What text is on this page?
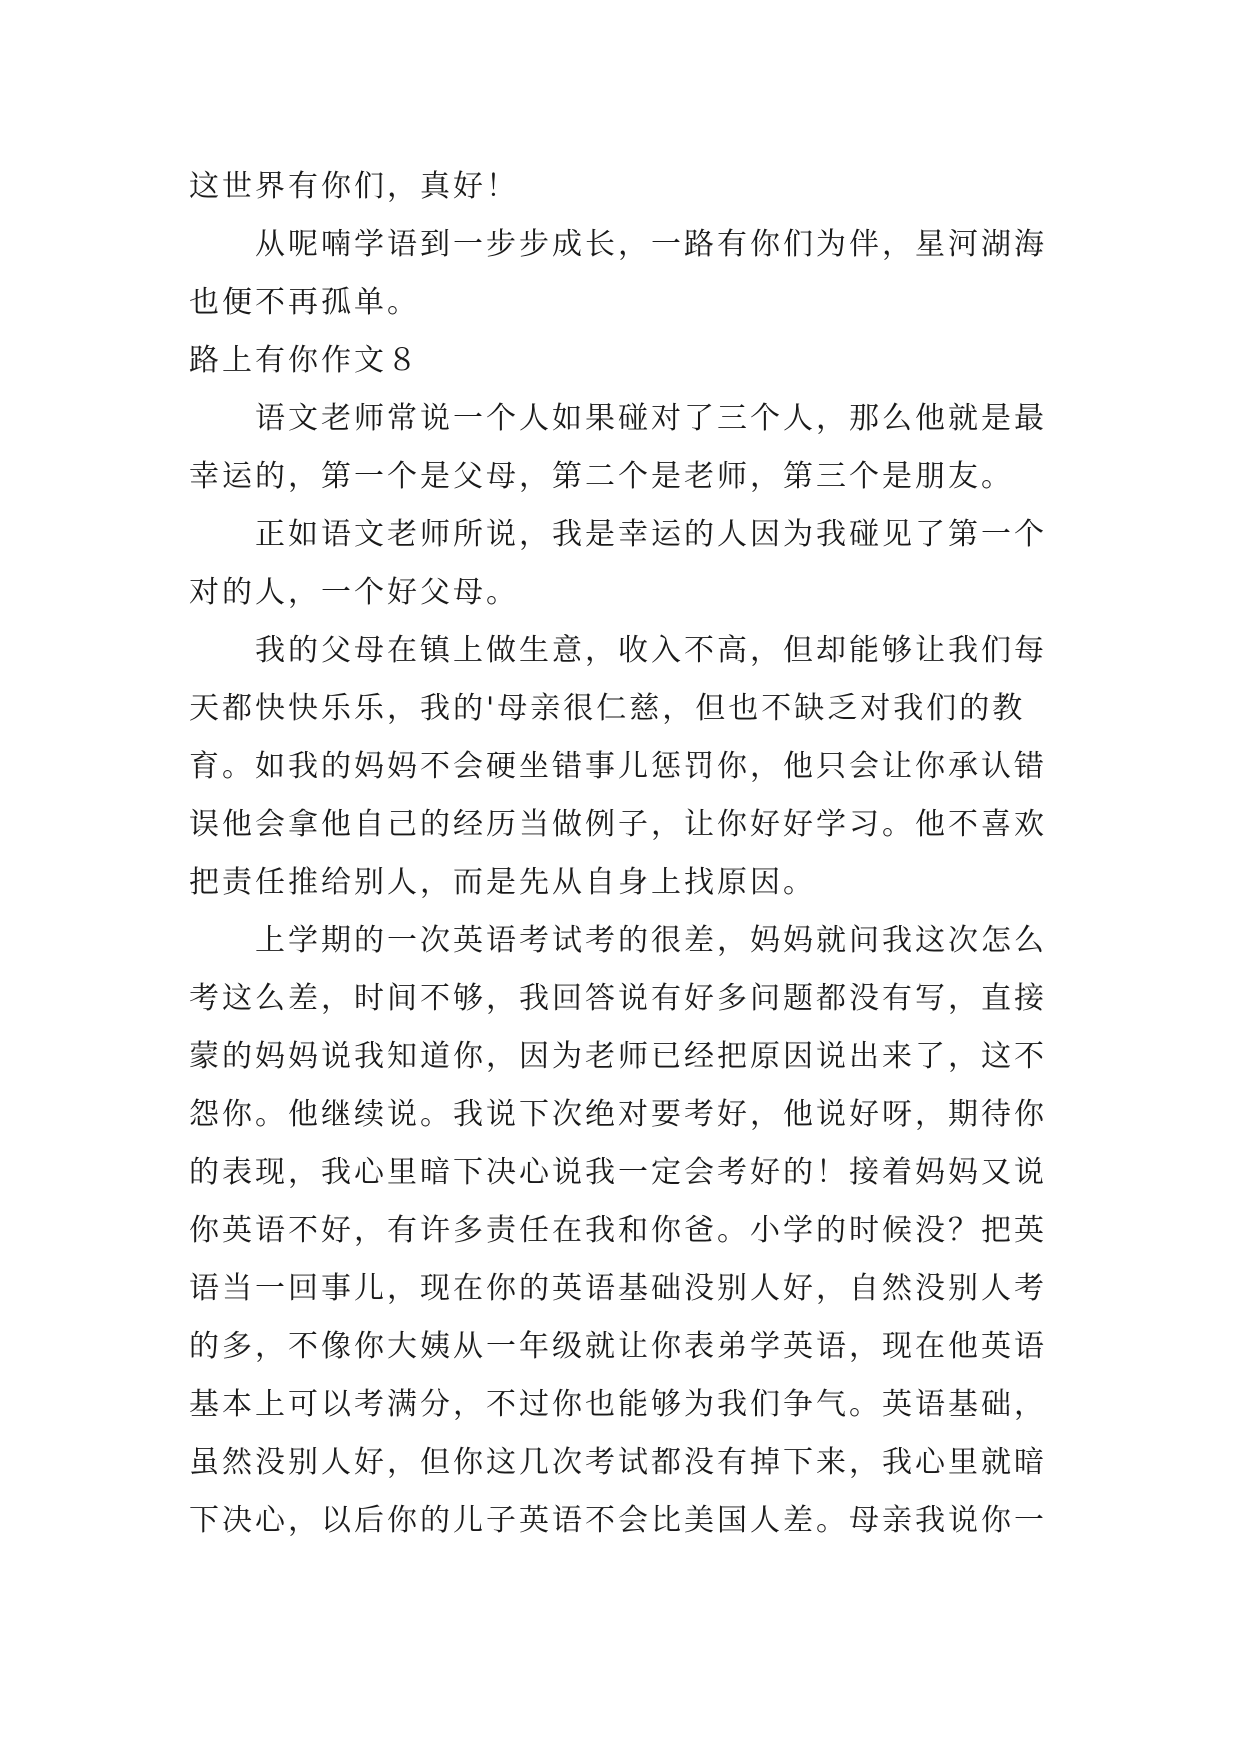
这世界有你们，真好！
从呢喃学语到一步步成长，一路有你们为伴，星河湖海
也便不再孤单。
路上有你作文８
语文老师常说一个人如果碰对了三个人，那么他就是最
幸运的，第一个是父母，第二个是老师，第三个是朋友。
正如语文老师所说，我是幸运的人因为我碰见了第一个
对的人，一个好父母。
我的父母在镇上做生意，收入不高，但却能够让我们每
天都快快乐乐，我的'母亲很仁慈，但也不缺乏对我们的教
育。如我的妈妈不会硬坐错事儿惩罚你，他只会让你承认错
误他会拿他自己的经历当做例子，让你好好学习。他不喜欢
把责任推给别人，而是先从自身上找原因。
上学期的一次英语考试考的很差，妈妈就问我这次怎么
考这么差，时间不够，我回答说有好多问题都没有写，直接
蒙的妈妈说我知道你，因为老师已经把原因说出来了，这不
怨你。他继续说。我说下次绝对要考好，他说好呀，期待你
的表现，我心里暗下决心说我一定会考好的！接着妈妈又说
你英语不好，有许多责任在我和你爸。小学的时候没？把英
语当一回事儿，现在你的英语基础没别人好，自然没别人考
的多，不像你大姨从一年级就让你表弟学英语，现在他英语
基本上可以考满分，不过你也能够为我们争气。英语基础，
虽然没别人好，但你这几次考试都没有掉下来，我心里就暗
下决心，以后你的儿子英语不会比美国人差。母亲我说你一
